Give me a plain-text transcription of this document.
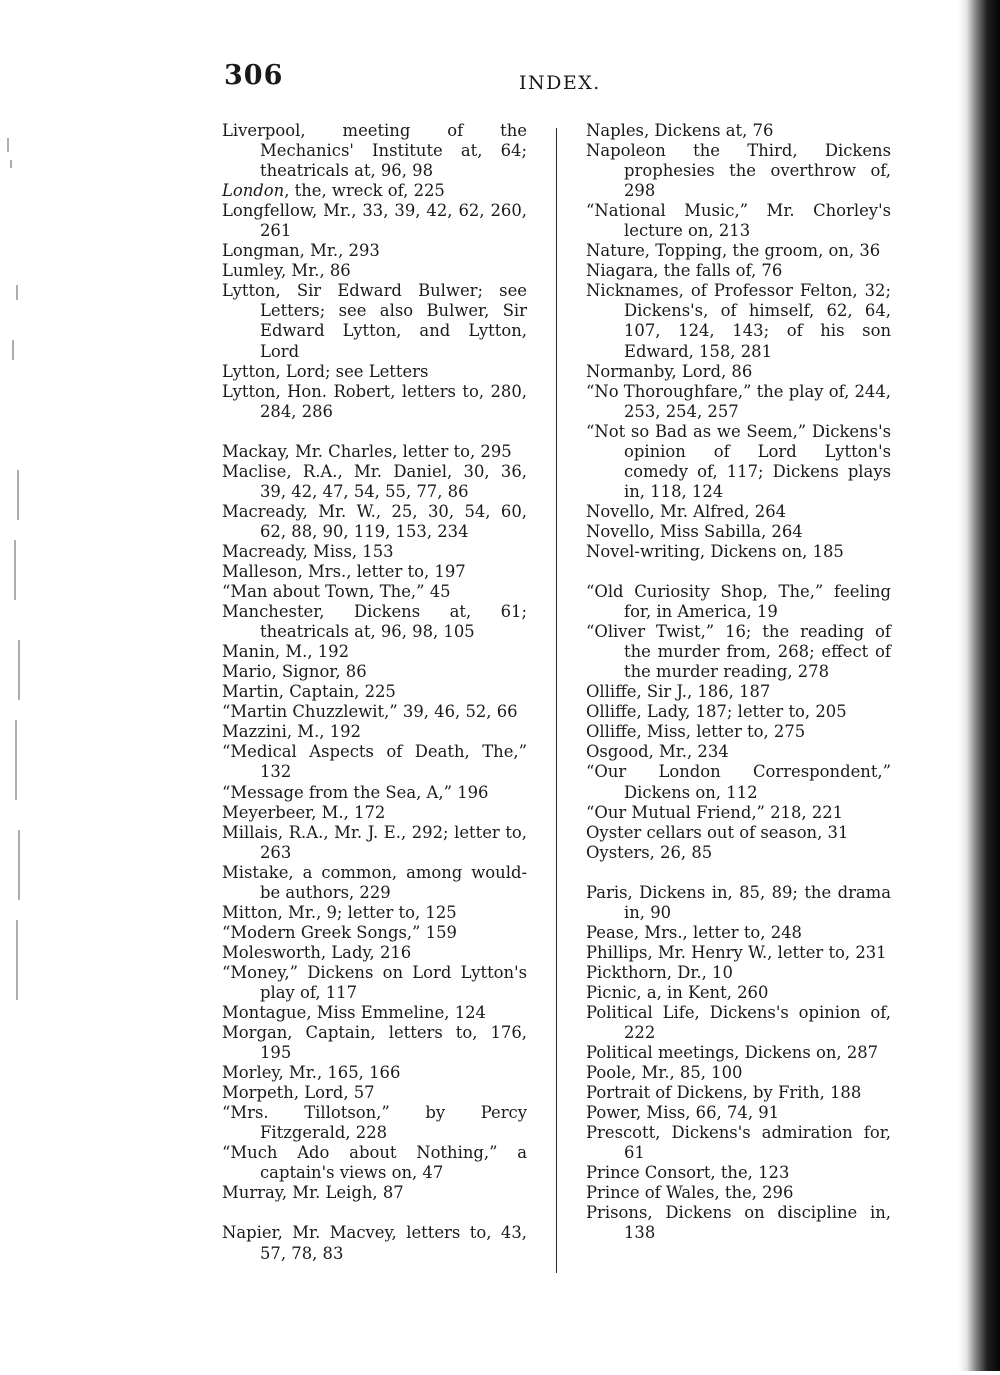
306	INDEX.
Liverpool, meeting of the Mechanics' Institute at, 64; theatricals at, 96, 98
London, the, wreck of, 225
Longfellow, Mr., 33, 39, 42, 62, 260, 261
Longman, Mr., 293
Lumley, Mr., 86
Lytton, Sir Edward Bulwer; see Letters; see also Bulwer, Sir Edward Lytton, and Lytton, Lord
Lytton, Lord; see Letters
Lytton, Hon. Robert, letters to, 280, 284, 286
Mackay, Mr. Charles, letter to, 295
Maclise, R.A., Mr. Daniel, 30, 36, 39, 42, 47, 54, 55, 77, 86
Macready, Mr. W., 25, 30, 54, 60, 62, 88, 90, 119, 153, 234
Macready, Miss, 153
Malleson, Mrs., letter to, 197
“Man about Town, The,” 45
Manchester, Dickens at, 61; theatricals at, 96, 98, 105
Manin, M., 192
Mario, Signor, 86
Martin, Captain, 225
“Martin Chuzzlewit,” 39, 46, 52, 66
Mazzini, M., 192
“Medical Aspects of Death, The,” 132
“Message from the Sea, A,” 196
Meyerbeer, M., 172
Millais, R.A., Mr. J. E., 292; letter to, 263
Mistake, a common, among would-be authors, 229
Mitton, Mr., 9; letter to, 125
“Modern Greek Songs,” 159
Molesworth, Lady, 216
“Money,” Dickens on Lord Lytton's play of, 117
Montague, Miss Emmeline, 124
Morgan, Captain, letters to, 176, 195
Morley, Mr., 165, 166
Morpeth, Lord, 57
“Mrs. Tillotson,” by Percy Fitzgerald, 228
“Much Ado about Nothing,” a captain's views on, 47
Murray, Mr. Leigh, 87
Napier, Mr. Macvey, letters to, 43, 57, 78, 83
Naples, Dickens at, 76
Napoleon the Third, Dickens prophesies the overthrow of, 298
“National Music,” Mr. Chorley's lecture on, 213
Nature, Topping, the groom, on, 36
Niagara, the falls of, 76
Nicknames, of Professor Felton, 32; Dickens's, of himself, 62, 64, 107, 124, 143; of his son Edward, 158, 281
Normanby, Lord, 86
“No Thoroughfare,” the play of, 244, 253, 254, 257
“Not so Bad as we Seem,” Dickens's opinion of Lord Lytton's comedy of, 117; Dickens plays in, 118, 124
Novello, Mr. Alfred, 264
Novello, Miss Sabilla, 264
Novel-writing, Dickens on, 185
“Old Curiosity Shop, The,” feeling for, in America, 19
“Oliver Twist,” 16; the reading of the murder from, 268; effect of the murder reading, 278
Olliffe, Sir J., 186, 187
Olliffe, Lady, 187; letter to, 205
Olliffe, Miss, letter to, 275
Osgood, Mr., 234
“Our London Correspondent,” Dickens on, 112
“Our Mutual Friend,” 218, 221
Oyster cellars out of season, 31
Oysters, 26, 85
Paris, Dickens in, 85, 89; the drama in, 90
Pease, Mrs., letter to, 248
Phillips, Mr. Henry W., letter to, 231
Pickthorn, Dr., 10
Picnic, a, in Kent, 260
Political Life, Dickens's opinion of, 222
Political meetings, Dickens on, 287
Poole, Mr., 85, 100
Portrait of Dickens, by Frith, 188
Power, Miss, 66, 74, 91
Prescott, Dickens's admiration for, 61
Prince Consort, the, 123
Prince of Wales, the, 296
Prisons, Dickens on discipline in, 138
